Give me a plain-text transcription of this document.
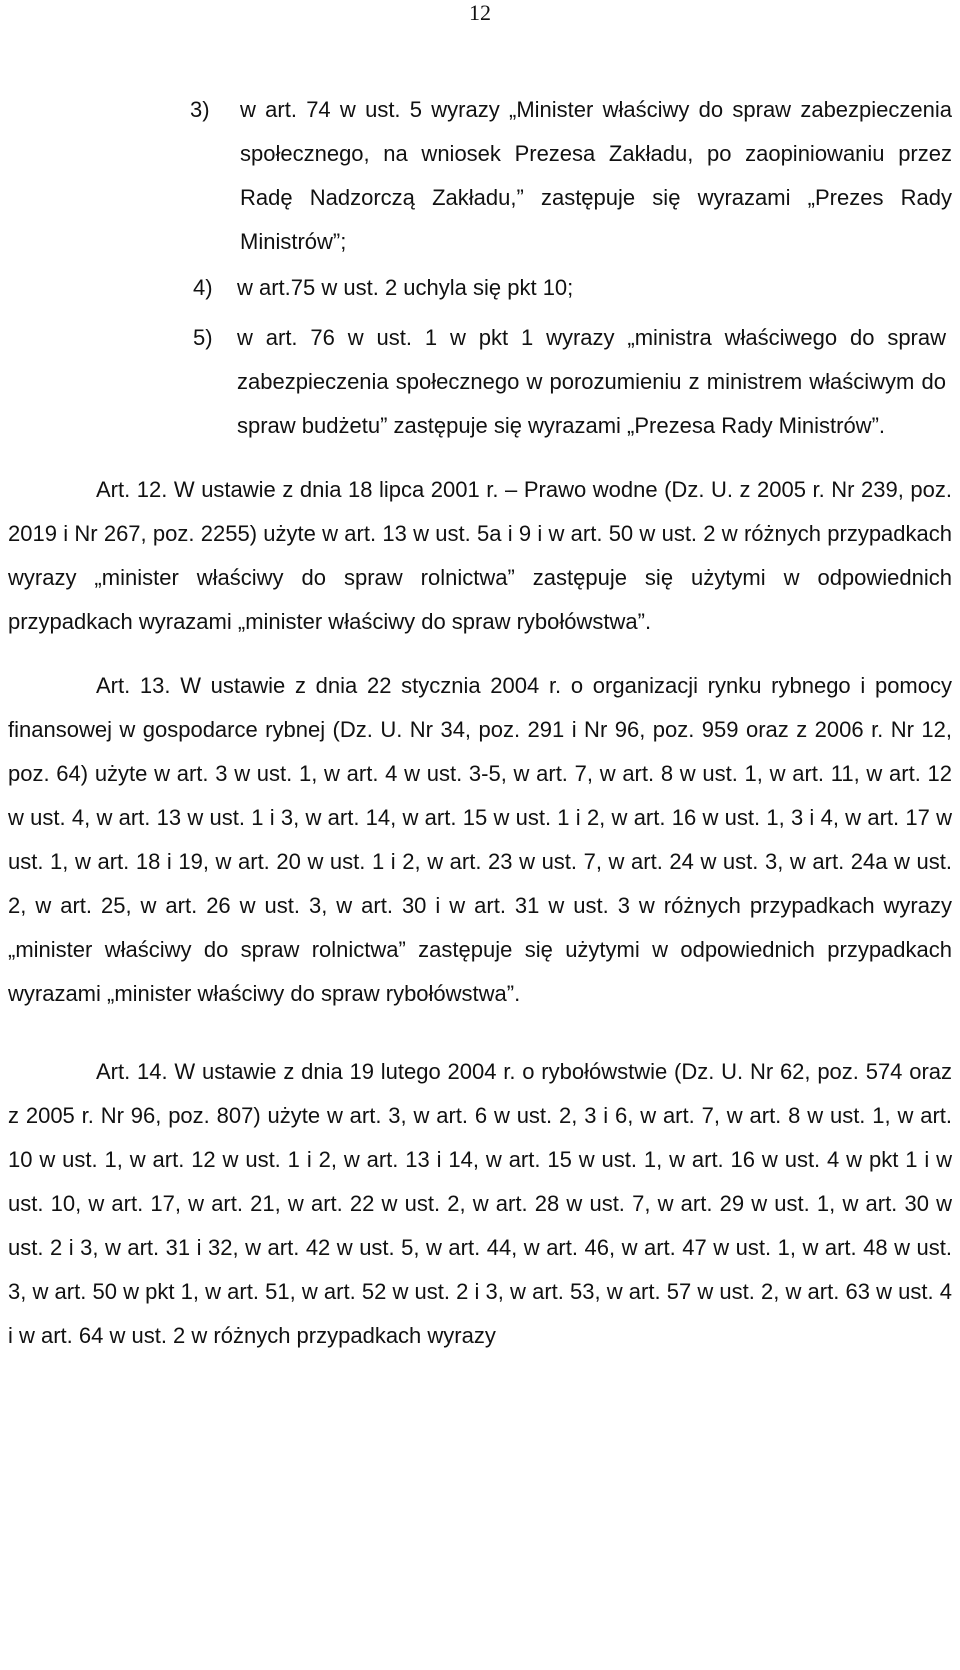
12
3) w art. 74 w ust. 5 wyrazy „Minister właściwy do spraw zabezpieczenia społecznego, na wniosek Prezesa Zakładu, po zaopiniowaniu przez Radę Nadzorczą Zakładu,” zastępuje się wyrazami „Prezes Rady Ministrów”;
4) w art.75 w ust. 2 uchyla się pkt 10;
5) w art. 76 w ust. 1 w pkt 1 wyrazy „ministra właściwego do spraw zabezpieczenia społecznego w porozumieniu z ministrem właściwym do spraw budżetu” zastępuje się wyrazami „Prezesa Rady Ministrów”.

Art. 12. W ustawie z dnia 18 lipca 2001 r. – Prawo wodne (Dz. U. z 2005 r. Nr 239, poz. 2019 i Nr 267, poz. 2255) użyte w art. 13 w ust. 5a i 9 i w art. 50 w ust. 2 w różnych przypadkach wyrazy „minister właściwy do spraw rolnictwa” zastępuje się użytymi w odpowiednich przypadkach wyrazami „minister właściwy do spraw rybołówstwa”.

Art. 13. W ustawie z dnia 22 stycznia 2004 r. o organizacji rynku rybnego i pomocy finansowej w gospodarce rybnej (Dz. U. Nr 34, poz. 291 i Nr 96, poz. 959 oraz z 2006 r. Nr 12, poz. 64) użyte w art. 3 w ust. 1, w art. 4 w ust. 3-5, w art. 7, w art. 8 w ust. 1, w art. 11, w art. 12 w ust. 4, w art. 13 w ust. 1 i 3, w art. 14, w art. 15 w ust. 1 i 2, w art. 16 w ust. 1, 3 i 4, w art. 17 w ust. 1, w art. 18 i 19, w art. 20 w ust. 1 i 2, w art. 23 w ust. 7, w art. 24 w ust. 3, w art. 24a w ust. 2, w art. 25, w art. 26 w ust. 3, w art. 30 i w art. 31 w ust. 3 w różnych przypadkach wyrazy „minister właściwy do spraw rolnictwa” zastępuje się użytymi w odpowiednich przypadkach wyrazami „minister właściwy do spraw rybołówstwa”.

Art. 14. W ustawie z dnia 19 lutego 2004 r. o rybołówstwie (Dz. U. Nr 62, poz. 574 oraz z 2005 r. Nr 96, poz. 807) użyte w art. 3, w art. 6 w ust. 2, 3 i 6, w art. 7, w art. 8 w ust. 1, w art. 10 w ust. 1, w art. 12 w ust. 1 i 2, w art. 13 i 14, w art. 15 w ust. 1, w art. 16 w ust. 4 w pkt 1 i w ust. 10, w art. 17, w art. 21, w art. 22 w ust. 2, w art. 28 w ust. 7, w art. 29 w ust. 1, w art. 30 w ust. 2 i 3, w art. 31 i 32, w art. 42 w ust. 5, w art. 44, w art. 46, w art. 47 w ust. 1, w art. 48 w ust. 3, w art. 50 w pkt 1, w art. 51, w art. 52 w ust. 2 i 3, w art. 53, w art. 57 w ust. 2, w art. 63 w ust. 4 i w art. 64 w ust. 2 w różnych przypadkach wyrazy
